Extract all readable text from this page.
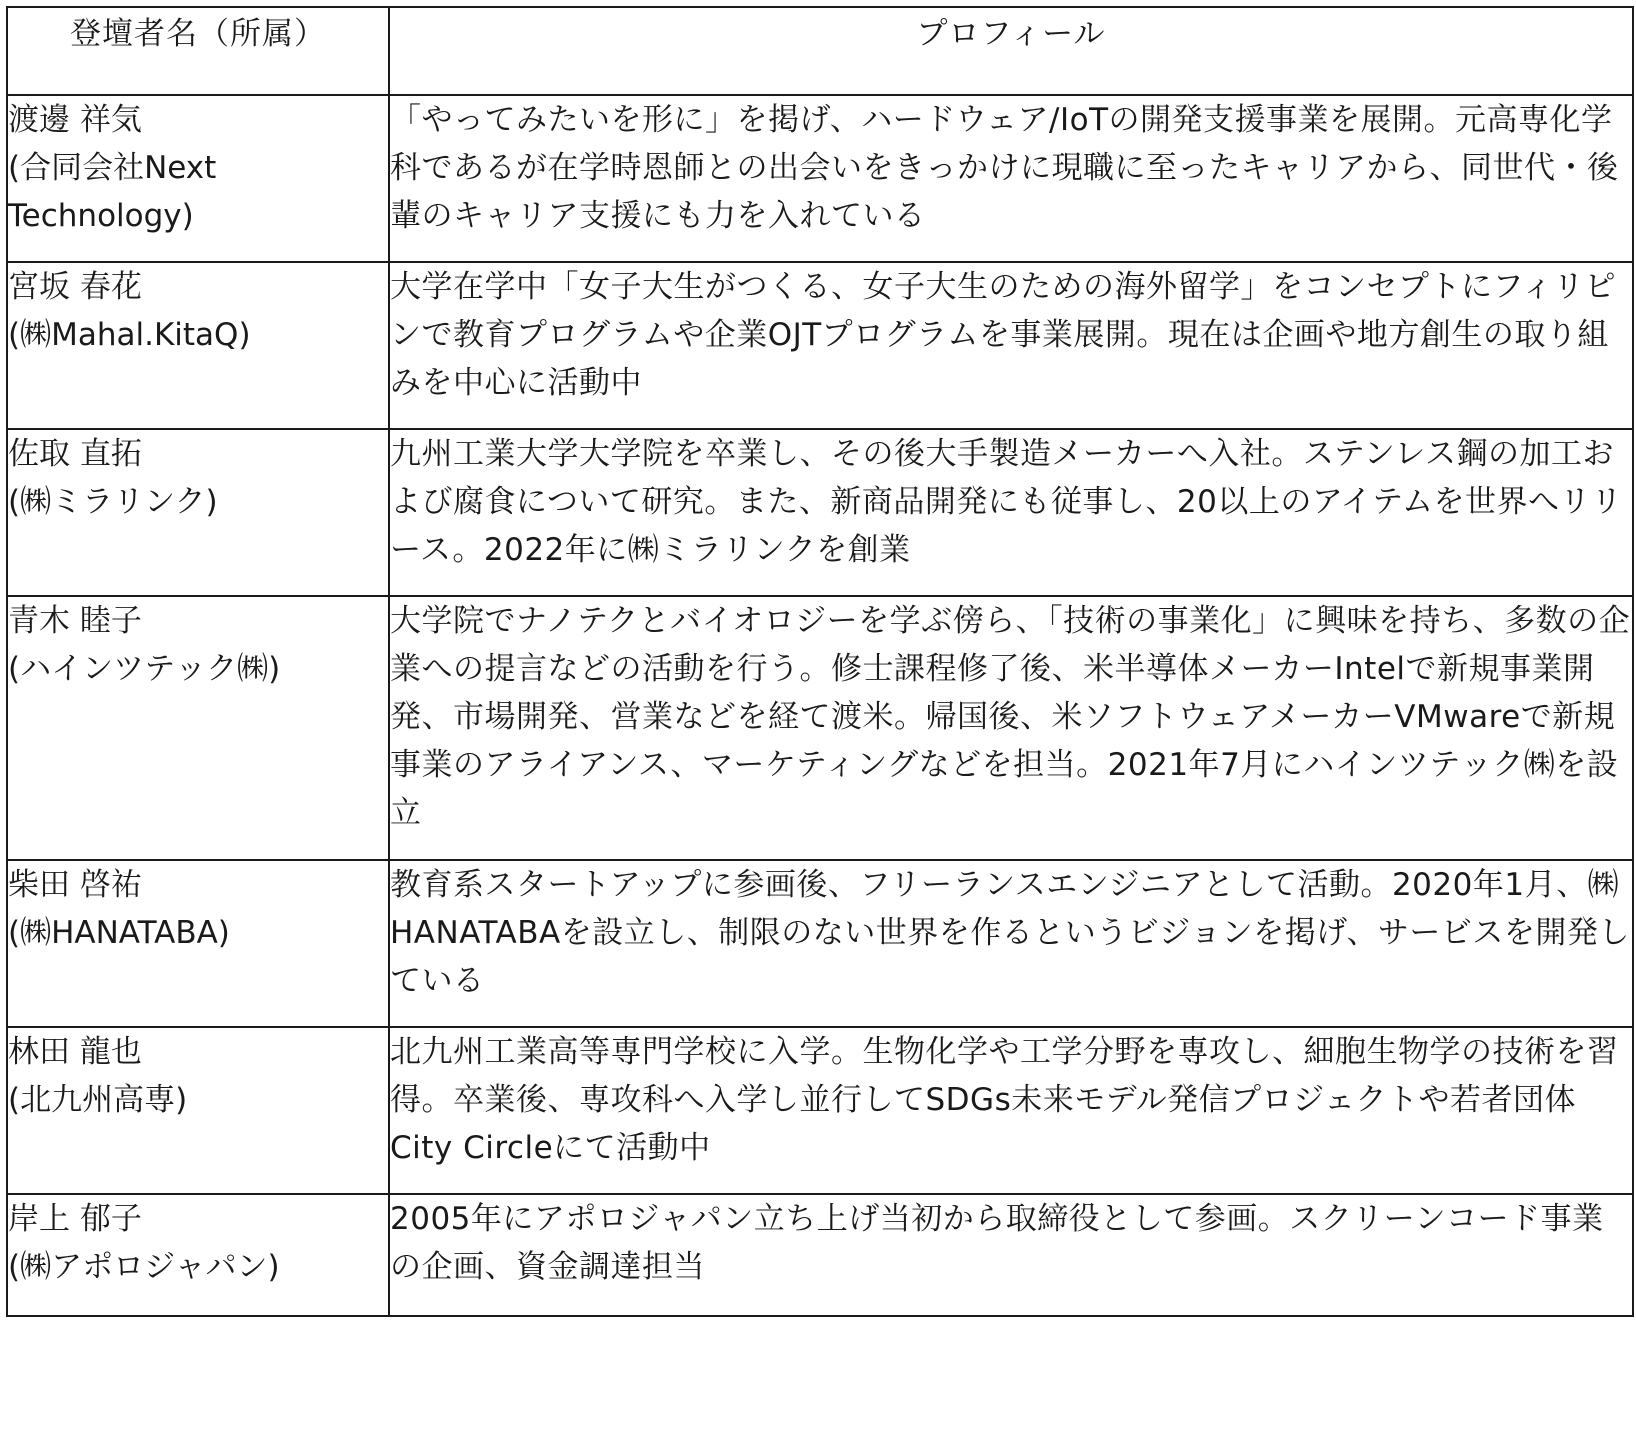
登壇者名（所属）	プロフィール
渡邊 祥気
(合同会社Next
Technology)	「やってみたいを形に」を掲げ、ハードウェア/IoTの開発支援事業を展開。元高専化学科であるが在学時恩師との出会いをきっかけに現職に至ったキャリアから、同世代・後輩のキャリア支援にも力を入れている
宮坂 春花
(㈱Mahal.KitaQ)	大学在学中「女子大生がつくる、女子大生のための海外留学」をコンセプトにフィリピンで教育プログラムや企業OJTプログラムを事業展開。現在は企画や地方創生の取り組みを中心に活動中
佐取 直拓
(㈱ミラリンク)	九州工業大学大学院を卒業し、その後大手製造メーカーへ入社。ステンレス鋼の加工および腐食について研究。また、新商品開発にも従事し、20以上のアイテムを世界へリリース。2022年に㈱ミラリンクを創業
青木 睦子
(ハインツテック㈱)	大学院でナノテクとバイオロジーを学ぶ傍ら、「技術の事業化」に興味を持ち、多数の企業への提言などの活動を行う。修士課程修了後、米半導体メーカーIntelで新規事業開発、市場開発、営業などを経て渡米。帰国後、米ソフトウェアメーカーVMwareで新規事業のアライアンス、マーケティングなどを担当。2021年7月にハインツテック㈱を設立
柴田 啓祐
(㈱HANATABA)	教育系スタートアップに参画後、フリーランスエンジニアとして活動。2020年1月、㈱HANATABAを設立し、制限のない世界を作るというビジョンを掲げ、サービスを開発している
林田 龍也
(北九州高専)	北九州工業高等専門学校に入学。生物化学や工学分野を専攻し、細胞生物学の技術を習得。卒業後、専攻科へ入学し並行してSDGs未来モデル発信プロジェクトや若者団体City Circleにて活動中
岸上 郁子
(㈱アポロジャパン)	2005年にアポロジャパン立ち上げ当初から取締役として参画。スクリーンコード事業の企画、資金調達担当
